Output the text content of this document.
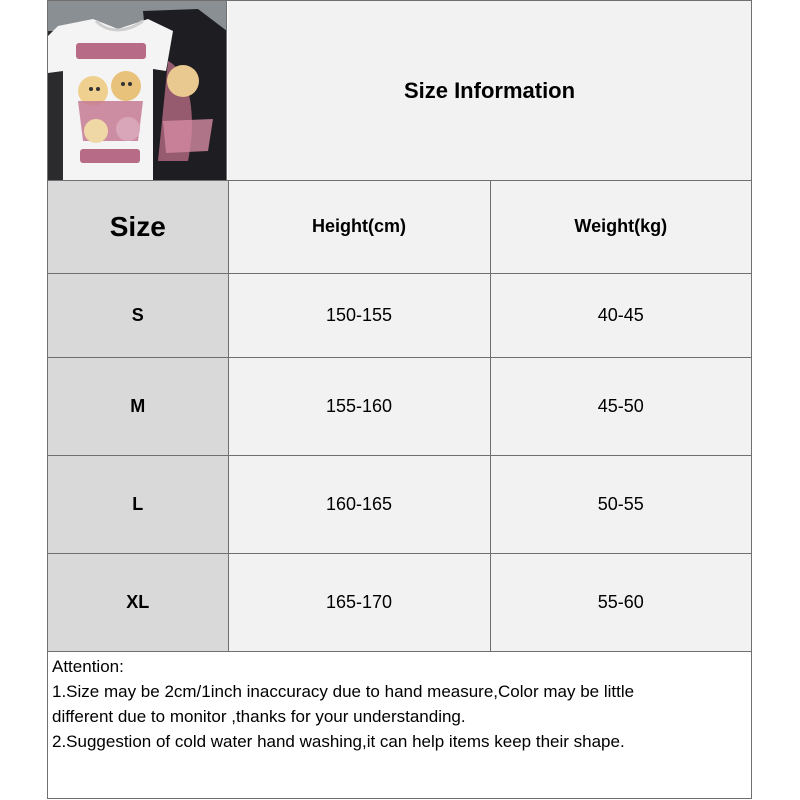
Size Information
Size	Height(cm)	Weight(kg)
S	150-155	40-45
M	155-160	45-50
L	160-165	50-55
XL	165-170	55-60
Attention:
1.Size may be 2cm/1inch inaccuracy due to hand measure,Color may be little
different due to monitor ,thanks for your understanding.
2.Suggestion of cold water hand washing,it can help items keep their shape.
